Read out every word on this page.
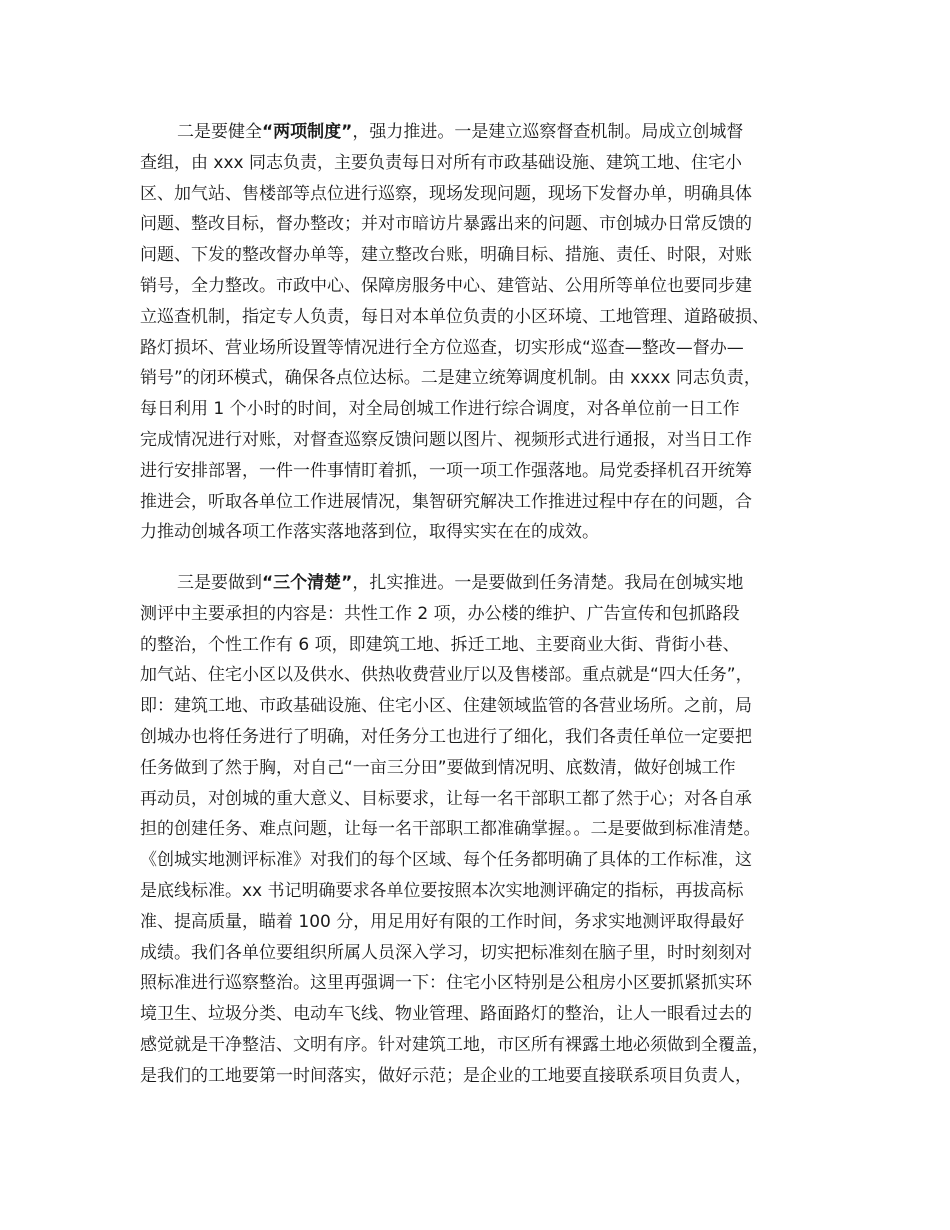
二是要健全“两项制度”，强力推进。一是建立巡察督查机制。局成立创城督
查组，由 xxx 同志负责，主要负责每日对所有市政基础设施、建筑工地、住宅小
区、加气站、售楼部等点位进行巡察，现场发现问题，现场下发督办单，明确具体
问题、整改目标，督办整改；并对市暗访片暴露出来的问题、市创城办日常反馈的
问题、下发的整改督办单等，建立整改台账，明确目标、措施、责任、时限，对账
销号，全力整改。市政中心、保障房服务中心、建管站、公用所等单位也要同步建
立巡查机制，指定专人负责，每日对本单位负责的小区环境、工地管理、道路破损、
路灯损坏、营业场所设置等情况进行全方位巡查，切实形成“巡查—整改—督办—
销号”的闭环模式，确保各点位达标。二是建立统筹调度机制。由 xxxx 同志负责，
每日利用 1 个小时的时间，对全局创城工作进行综合调度，对各单位前一日工作
完成情况进行对账，对督查巡察反馈问题以图片、视频形式进行通报，对当日工作
进行安排部署，一件一件事情盯着抓，一项一项工作强落地。局党委择机召开统筹
推进会，听取各单位工作进展情况，集智研究解决工作推进过程中存在的问题，合
力推动创城各项工作落实落地落到位，取得实实在在的成效。
三是要做到“三个清楚”，扎实推进。一是要做到任务清楚。我局在创城实地
测评中主要承担的内容是：共性工作 2 项，办公楼的维护、广告宣传和包抓路段
的整治，个性工作有 6 项，即建筑工地、拆迁工地、主要商业大街、背街小巷、
加气站、住宅小区以及供水、供热收费营业厅以及售楼部。重点就是“四大任务”，
即：建筑工地、市政基础设施、住宅小区、住建领域监管的各营业场所。之前，局
创城办也将任务进行了明确，对任务分工也进行了细化，我们各责任单位一定要把
任务做到了然于胸，对自己“一亩三分田”要做到情况明、底数清，做好创城工作
再动员，对创城的重大意义、目标要求，让每一名干部职工都了然于心；对各自承
担的创建任务、难点问题，让每一名干部职工都准确掌握。。二是要做到标准清楚。
《创城实地测评标准》对我们的每个区域、每个任务都明确了具体的工作标准，这
是底线标准。xx 书记明确要求各单位要按照本次实地测评确定的指标，再拔高标
准、提高质量，瞄着 100 分，用足用好有限的工作时间，务求实地测评取得最好
成绩。我们各单位要组织所属人员深入学习，切实把标准刻在脑子里，时时刻刻对
照标准进行巡察整治。这里再强调一下：住宅小区特别是公租房小区要抓紧抓实环
境卫生、垃圾分类、电动车飞线、物业管理、路面路灯的整治，让人一眼看过去的
感觉就是干净整洁、文明有序。针对建筑工地，市区所有裸露土地必须做到全覆盖，
是我们的工地要第一时间落实，做好示范；是企业的工地要直接联系项目负责人，
